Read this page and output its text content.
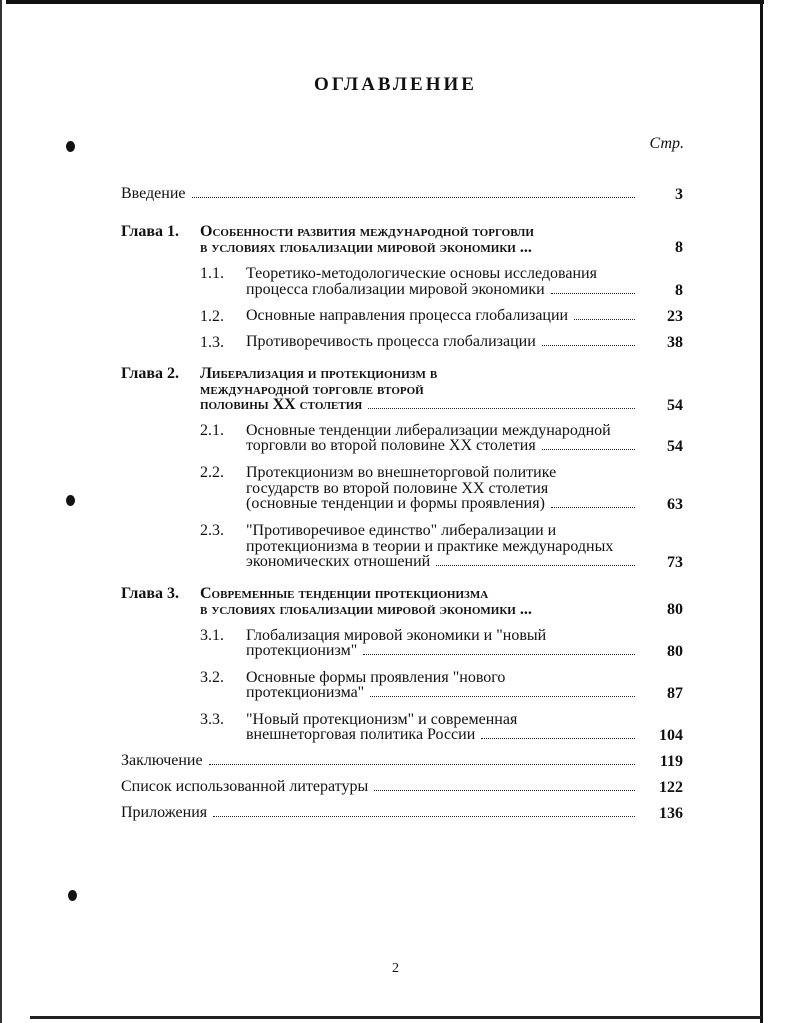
ОГЛАВЛЕНИЕ
Стр.
Введение	3
Глава 1. Особенности развития международной торговли
в условиях глобализации мировой экономики ...	8
1.1. Теоретико-методологические основы исследования
процесса глобализации мировой экономики	8
1.2. Основные направления процесса глобализации	23
1.3. Противоречивость процесса глобализации	38
Глава 2. Либерализация и протекционизм в
международной торговле второй
половины XX столетия	54
2.1. Основные тенденции либерализации международной
торговли во второй половине XX столетия	54
2.2. Протекционизм во внешнеторговой политике
государств во второй половине XX столетия
(основные тенденции и формы проявления)	63
2.3. "Противоречивое единство" либерализации и
протекционизма в теории и практике международных
экономических отношений	73
Глава 3. Современные тенденции протекционизма
в условиях глобализации мировой экономики ...	80
3.1. Глобализация мировой экономики и "новый
протекционизм"	80
3.2. Основные формы проявления "нового
протекционизма"	87
3.3. "Новый протекционизм" и современная
внешнеторговая политика России	104
Заключение	119
Список использованной литературы	122
Приложения	136
2
